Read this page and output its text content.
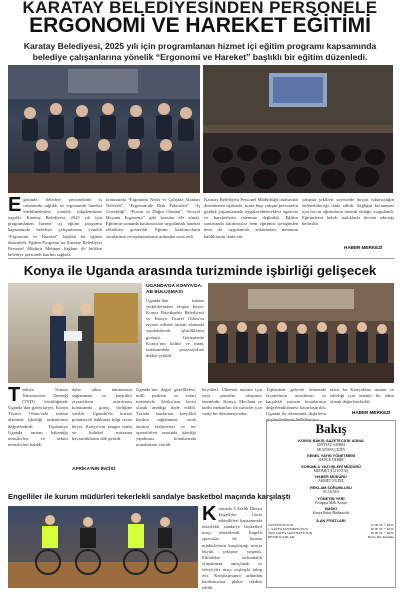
KARATAY BELEDİYESİNDEN PERSONELE
ERGONOMİ VE HAREKET EĞİTİMİ
Karatay Belediyesi, 2025 yılı için programlanan hizmet içi eğitim programı kapsamında belediye çalışanlarına yönelik “Ergonomi ve Hareket” başlıklı bir eğitim düzenledi.
Eğitimde, belediye personelinin iş ortamında sağlıklı ve ergonomik hareket edebilmelerine yönelik bilgilendirme yapıldı. Karatay Belediyesi, 2025 yılı için programlanan hizmet içi eğitim programı kapsamında belediye çalışanlarına yönelik “Ergonomi ve Hareket” başlıklı bir eğitim düzenledi. Eğitim Programı’na Karatay Belediyesi Personel Müdürü Mehmet Sağlam ile birlikte belediye personeli katılım sağladı.
konusunda “Ergonomi Nedir ve Çalışma Alanları Nelerdir”, “Ergonomide Risk Faktörleri”, “İş Güvenliği”, “Postür ve Doğru Oturma”, “Sosyal Hayatta Ergonomi” gibi konular ele alındı. Eğitimin sonunda katılımcılara uygulamalı hareket teknikleri gösterildi. Eğitim, katılımcıların sorularının cevaplanmasının ardından sona erdi.
Karatay Belediyesi Personel Müdürlüğü tarafından düzenlenen eğitimde, masa başı çalışan personelin günlük yaşamlarında uygulayabilecekleri egzersiz ve hareketlerin önemine değinildi. Eğitim sonrasında katılımcılar hem eğitimin içeriğinden hem de uygulamalı anlatımdan memnun kaldıklarını ifade etti.
çalışma şekilleri sayesinde birçok rahatsızlığın önlenebileceği ifade edildi. Sağlığın korunması için bu tür eğitimlerin önemli olduğu vurgulandı. Eğitimlerin belirli aralıklarla devam edeceği belirtildi.
HABER MERKEZİ
Konya ile Uganda arasında turizminde işbirliği gelişecek
UGANDA’DA KONYA’DA-AB BULUŞMASI
Uganda’dan turizm yetkililerinden oluşan heyet, Konya Büyükşehir Belediyesi ve Konya Ticaret Odası’nı ziyaret ederek turizm alanında yapılabilecek işbirliklerini görüştü. Görüşmede Konya’nın kültür ve inanç turizmindeki potansiyeline dikkat çekildi.
Türkiye Turizm Yatırımcıları Derneği (TYD) öncülüğünde Uganda’dan gelen heyet, Konya Ticaret Odası’nda turizm alanında işbirliği imkanlarını değerlendirdi. Toplantıya Uganda turizm bakanlığı temsilcileri ve sektör temsilcileri katıldı.
daha etkin tanıtımının sağlanması ve karşılıklı ziyaretlerin artırılması konusunda görüş birliğine varıldı. Uganda’da turizm potansiyeli hakkında bilgi veren heyet, Konya’nın zengin tarihi ve kültürel mirasına hayranlıklarını dile getirdi.
AFRİKA’NIN İNCİSİ
Uganda’nın doğal güzellikleri, milli parkları ve safari turizmiyle Afrika’nın incisi olarak anıldığı ifade edildi. Turizm fuarlarına karşılıklı katılım sağlanması, ortak tanıtım faaliyetleri ve tur operatörleri arasında işbirliği yapılması konularında mutabakata varıldı.
heyetleri. Ülkemiz turizmi için yeni pazarlar oluşması önemlidir. Konya, Mevlana ve tarihi mekanları ile turistler için cazip bir destinasyondur.
Toplantıda gelecek dönemde ziyaretlerin artırılması ve karşılıklı yatırım fırsatlarının değerlendirilmesi kararlaştırıldı. Uganda ile ekonomik ilişkilerin güçlendirilmesi hedefleniyor.
taleri bu Konyalıları turizm ve işbirliği için önemli bir adım olarak değerlendirildi.
HABER MERKEZİ
Bakış
KONYA BAKIŞ GAZETECİLİK ADINA
İMTİYAZ SAHİBİ
MUSTAFA ÇETİN
GENEL YAYIN YÖNETMENİ
HATİCE DEMİR
SORUMLU YAZI İŞLERİ MÜDÜRÜ
MEHMET ALTUNTAŞ
HABER MÜDÜRÜ
AHMET YILDIZ
REKLAM SORUMLUSU
ALİ KAYA
YÖNETİM YERİ
Feritpaşa Mah. Konya
BASKI
Konya Bakış Matbaacılık
İLAN FİYATLARI
SANTİM/SÜTUN	15,00 TL + KDV
1. SAYFA SANTİM/SÜTUN	30,00 TL + KDV
SON SAYFA SANTİM/SÜTUN	20,00 TL + KDV
RESMİ İLANLAR	Basın İlan Kurumu
Engelliler ile kurum müdürleri tekerlekli sandalye basketbol maçında karşılaştı
Konyada 3 Aralık Dünya Engelliler Günü etkinlikleri kapsamında tekerlekli sandalye basketbol maçı düzenlendi. Engelli sporcular ile kurum müdürlerinin karşılaştığı maçta büyük çekişme yaşandı. Etkinlikte farkındalık oluşturmak amaçlandı ve izleyiciler maçı coşkuyla takip etti. Karşılaşmanın ardından katılımcılara plaket takdim edildi.
